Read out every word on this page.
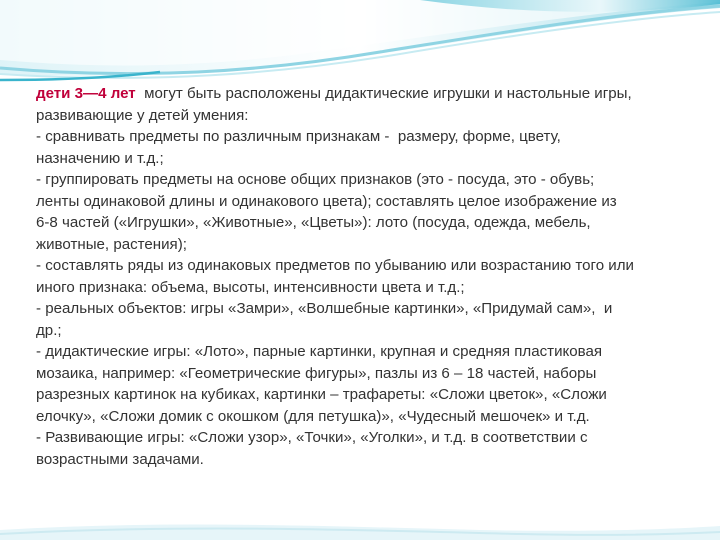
дети 3—4 лет  могут быть расположены дидактические игрушки и настольные игры,
развивающие у детей умения:
- сравнивать предметы по различным признакам -  размеру, форме, цвету,
назначению и т.д.;
- группировать предметы на основе общих признаков (это - посуда, это - обувь;
ленты одинаковой длины и одинакового цвета); составлять целое изображение из
6-8 частей («Игрушки», «Животные», «Цветы»): лото (посуда, одежда, мебель,
животные, растения);
- составлять ряды из одинаковых предметов по убыванию или возрастанию того или
иного признака: объема, высоты, интенсивности цвета и т.д.;
- реальных объектов: игры «Замри», «Волшебные картинки», «Придумай сам»,  и
др.;
- дидактические игры: «Лото», парные картинки, крупная и средняя пластиковая
мозаика, например: «Геометрические фигуры», пазлы из 6 – 18 частей, наборы
разрезных картинок на кубиках, картинки – трафареты: «Сложи цветок», «Сложи
елочку», «Сложи домик с окошком (для петушка)», «Чудесный мешочек» и т.д.
- Развивающие игры: «Сложи узор», «Точки», «Уголки», и т.д. в соответствии с
возрастными задачами.
